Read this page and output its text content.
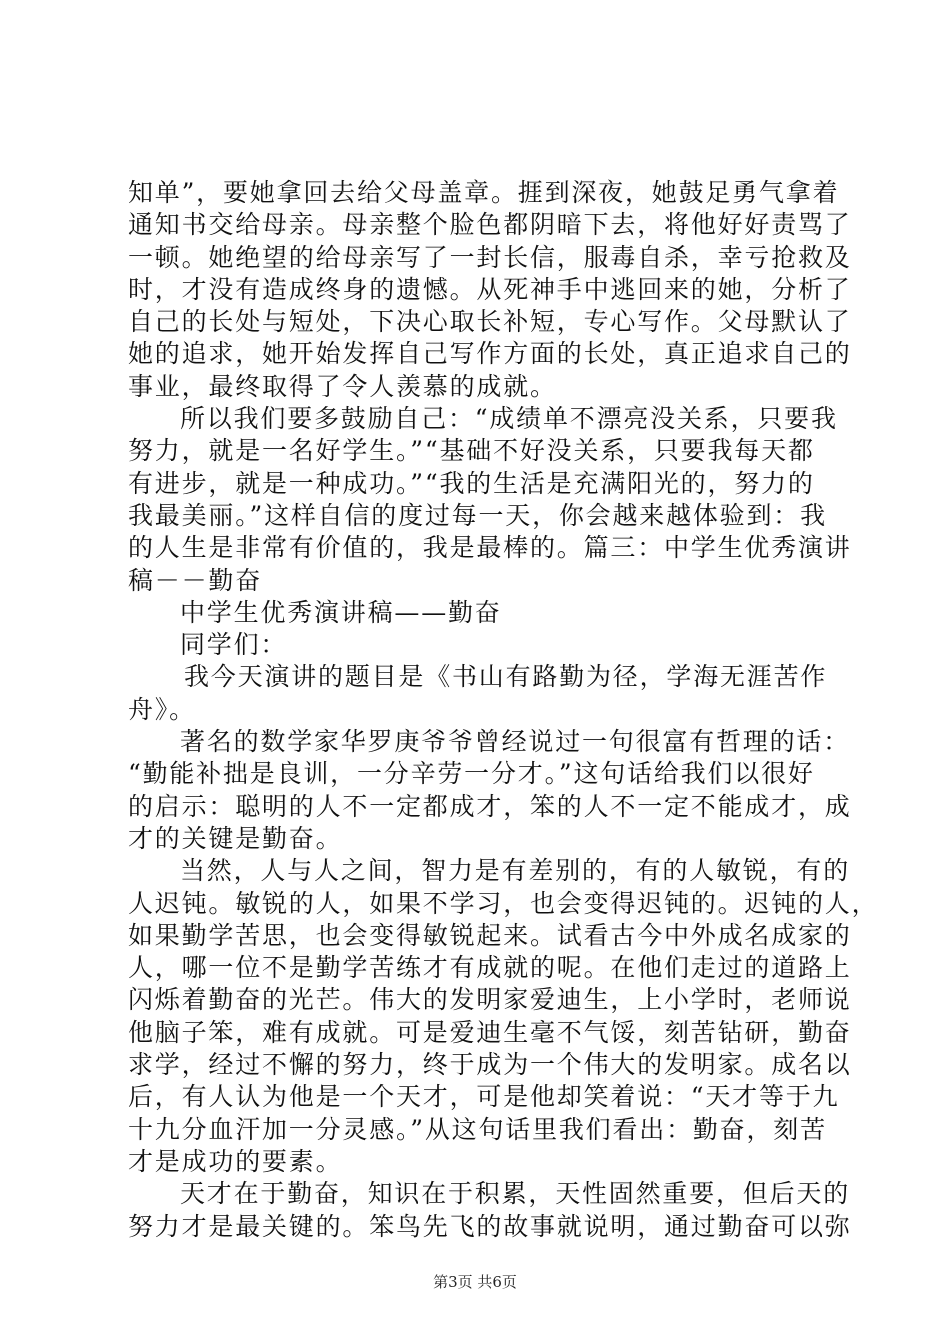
知单”，要她拿回去给父母盖章。捱到深夜，她鼓足勇气拿着
通知书交给母亲。母亲整个脸色都阴暗下去，将他好好责骂了
一顿。她绝望的给母亲写了一封长信，服毒自杀，幸亏抢救及
时，才没有造成终身的遗憾。从死神手中逃回来的她，分析了
自己的长处与短处，下决心取长补短，专心写作。父母默认了
她的追求，她开始发挥自己写作方面的长处，真正追求自己的
事业，最终取得了令人羡慕的成就。
所以我们要多鼓励自己：“成绩单不漂亮没关系，只要我
努力，就是一名好学生。”“基础不好没关系，只要我每天都
有进步，就是一种成功。”“我的生活是充满阳光的，努力的
我最美丽。”这样自信的度过每一天，你会越来越体验到：我
的人生是非常有价值的，我是最棒的。篇三：中学生优秀演讲
稿－－勤奋
中学生优秀演讲稿——勤奋
同学们：
我今天演讲的题目是《书山有路勤为径，学海无涯苦作
舟》。
著名的数学家华罗庚爷爷曾经说过一句很富有哲理的话：
“勤能补拙是良训，一分辛劳一分才。”这句话给我们以很好
的启示：聪明的人不一定都成才，笨的人不一定不能成才，成
才的关键是勤奋。
当然，人与人之间，智力是有差别的，有的人敏锐，有的
人迟钝。敏锐的人，如果不学习，也会变得迟钝的。迟钝的人，
如果勤学苦思，也会变得敏锐起来。试看古今中外成名成家的
人，哪一位不是勤学苦练才有成就的呢。在他们走过的道路上
闪烁着勤奋的光芒。伟大的发明家爱迪生，上小学时，老师说
他脑子笨，难有成就。可是爱迪生毫不气馁，刻苦钻研，勤奋
求学，经过不懈的努力，终于成为一个伟大的发明家。成名以
后，有人认为他是一个天才，可是他却笑着说：“天才等于九
十九分血汗加一分灵感。”从这句话里我们看出：勤奋，刻苦
才是成功的要素。
天才在于勤奋，知识在于积累，天性固然重要，但后天的
努力才是最关键的。笨鸟先飞的故事就说明，通过勤奋可以弥
第3页 共6页
